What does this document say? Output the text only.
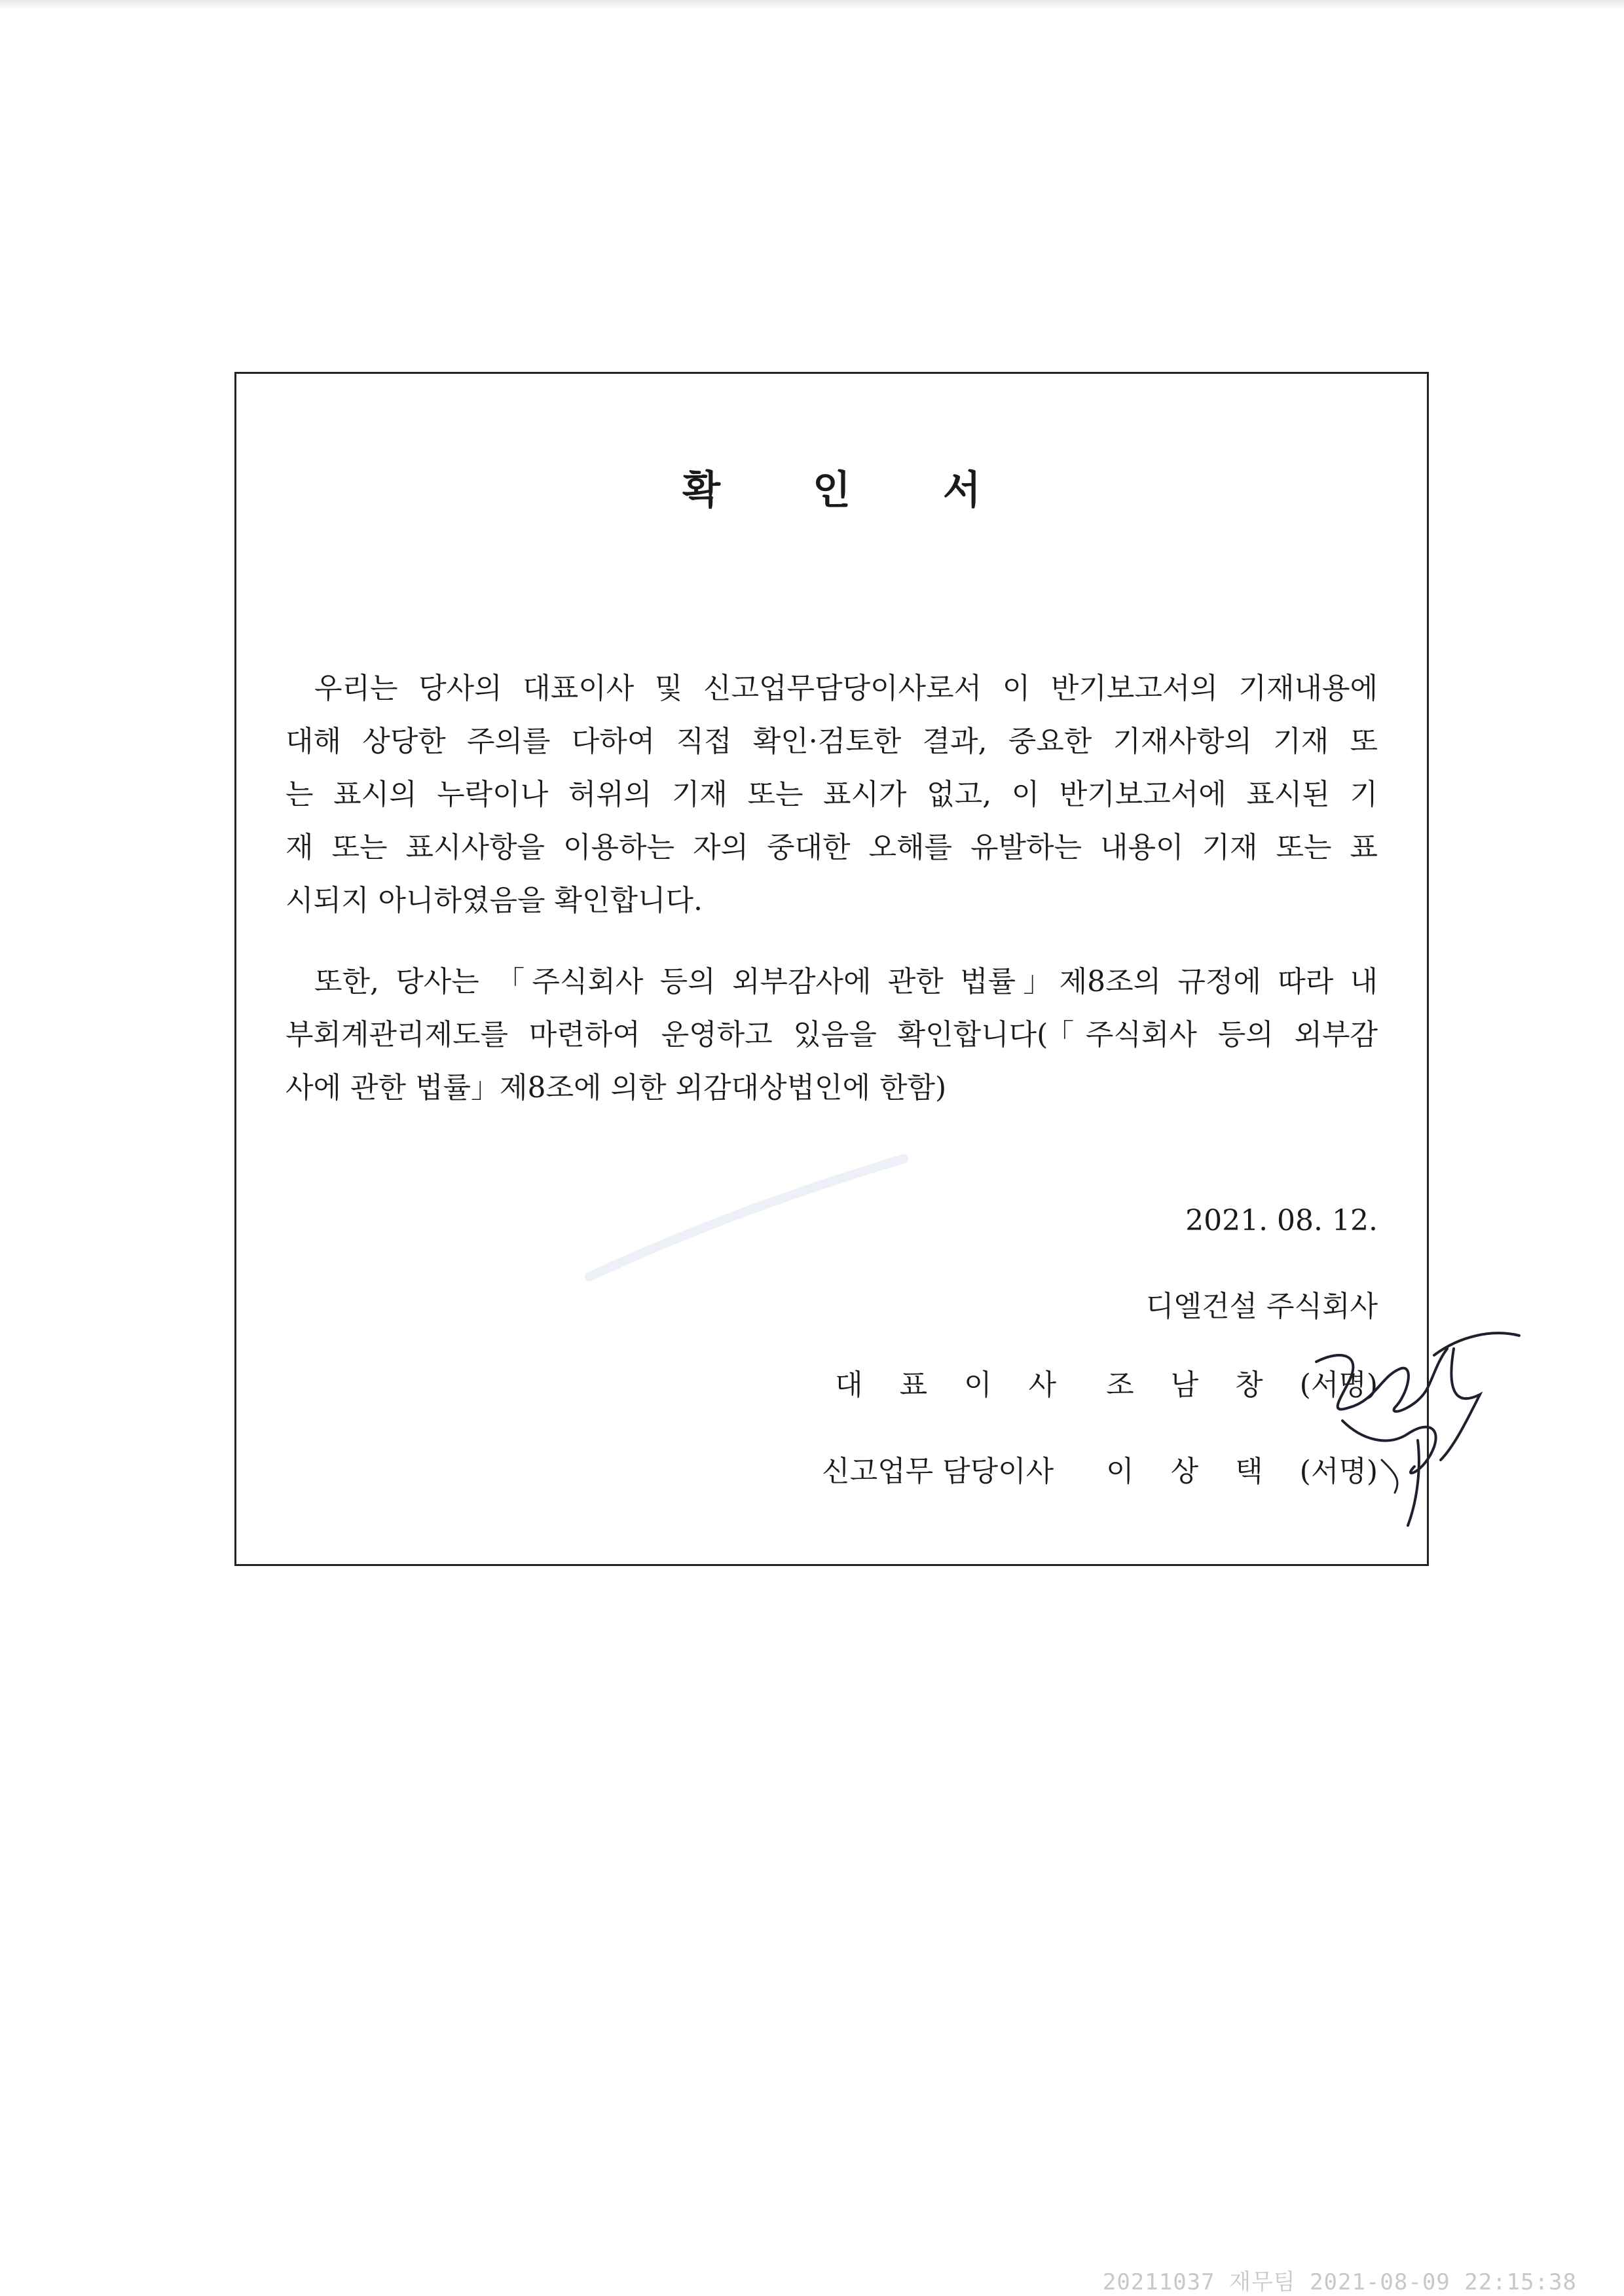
확 인 서
우리는 당사의 대표이사 및 신고업무담당이사로서 이 반기보고서의 기재내용에
대해 상당한 주의를 다하여 직접 확인·검토한 결과, 중요한 기재사항의 기재 또
는 표시의 누락이나 허위의 기재 또는 표시가 없고, 이 반기보고서에 표시된 기
재 또는 표시사항을 이용하는 자의 중대한 오해를 유발하는 내용이 기재 또는 표
시되지 아니하였음을 확인합니다.
또한, 당사는 「주식회사 등의 외부감사에 관한 법률」제8조의 규정에 따라 내
부회계관리제도를 마련하여 운영하고 있음을 확인합니다(「주식회사 등의 외부감
사에 관한 법률」제8조에 의한 외감대상법인에 한함)
2021. 08. 12.
디엘건설 주식회사
대표이사 조남창 (서명)
신고업무 담당이사 이상택 (서명)
20211037 재무팀 2021-08-09 22:15:38
